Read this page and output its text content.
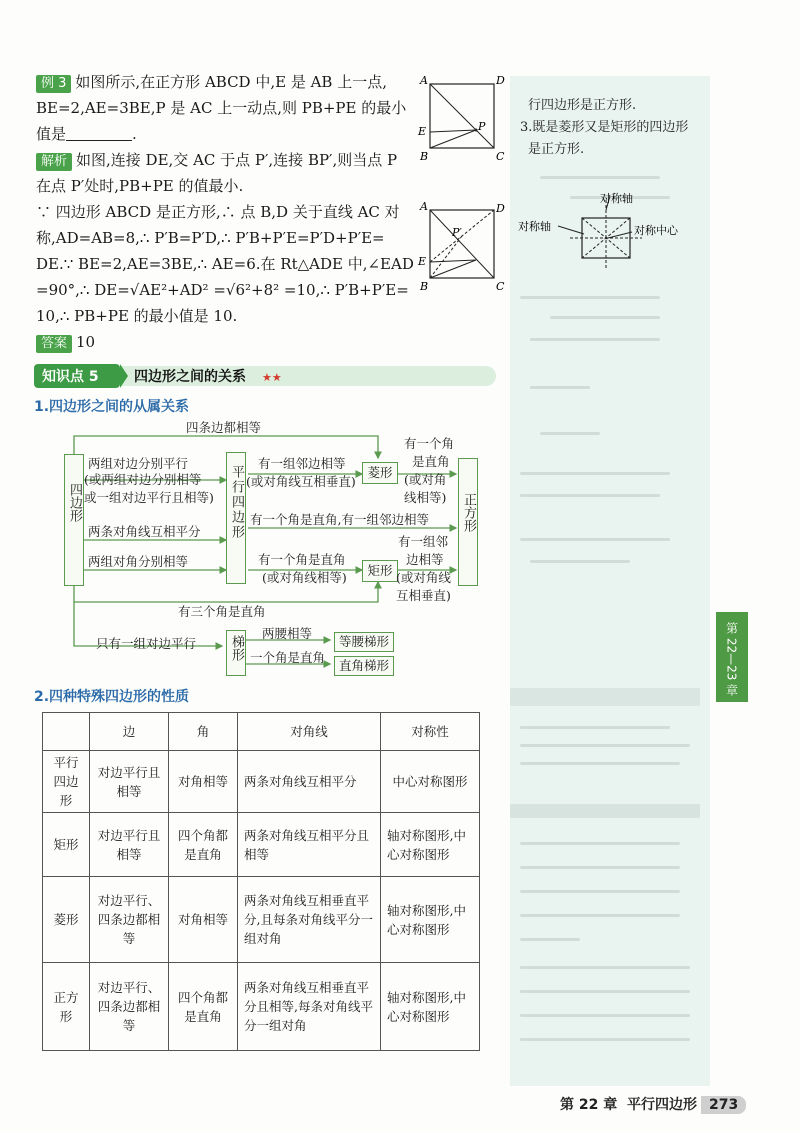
行四边形是正方形.
3.既是菱形又是矩形的四边形
是正方形.
对称轴
对称轴	对称中心
例 3 如图所示,在正方形 ABCD 中,E 是 AB 上一点,
BE=2,AE=3BE,P 是 AC 上一动点,则 PB+PE 的最小
值是	.
A	D
E	P
B	C
解析 如图,连接 DE,交 AC 于点 P′,连接 BP′,则当点 P
在点 P′处时,PB+PE 的值最小.
∵ 四边形 ABCD 是正方形,∴ 点 B,D 关于直线 AC 对
称,AD=AB=8,∴ P′B=P′D,∴ P′B+P′E=P′D+P′E=
DE.∵ BE=2,AE=3BE,∴ AE=6.在 Rt△ADE 中,∠EAD
=90°,∴ DE=√AE²+AD² =√6²+8² =10,∴ P′B+P′E=
10,∴ PB+PE 的最小值是 10.
答案 10
A	D
E
P′
B	C
知识点 5	四边形之间的关系 ★★
1.四边形之间的从属关系
四条边都相等
四边形
两组对边分别平行
(或两组对边分别相等
或一组对边平行且相等)
两条对角线互相平分
两组对角分别相等
平行四边形
有一组邻边相等
(或对角线互相垂直)
菱形
有一个角是直角,有一组邻边相等
有一个角是直角
(或对角线相等)	矩形
有一个角
是直角
(或对角
线相等)
有一组邻
边相等
(或对角线
互相垂直)
正方形
有三个角是直角
只有一组对边平行	梯形
两腰相等
等腰梯形
一个角是直角
直角梯形
2.四种特殊四边形的性质
	边	角	对角线	对称性
平行四边形	对边平行且相等	对角相等	两条对角线互相平分	中心对称图形
矩形	对边平行且相等	四个角都是直角	两条对角线互相平分且相等	轴对称图形,中心对称图形
菱形	对边平行、四条边都相等	对角相等	两条对角线互相垂直平分,且每条对角线平分一组对角	轴对称图形,中心对称图形
正方形	对边平行、四条边都相等	四个角都是直角	两条对角线互相垂直平分且相等,每条对角线平分一组对角	轴对称图形,中心对称图形
第 22—23 章
第 22 章 平行四边形 273
